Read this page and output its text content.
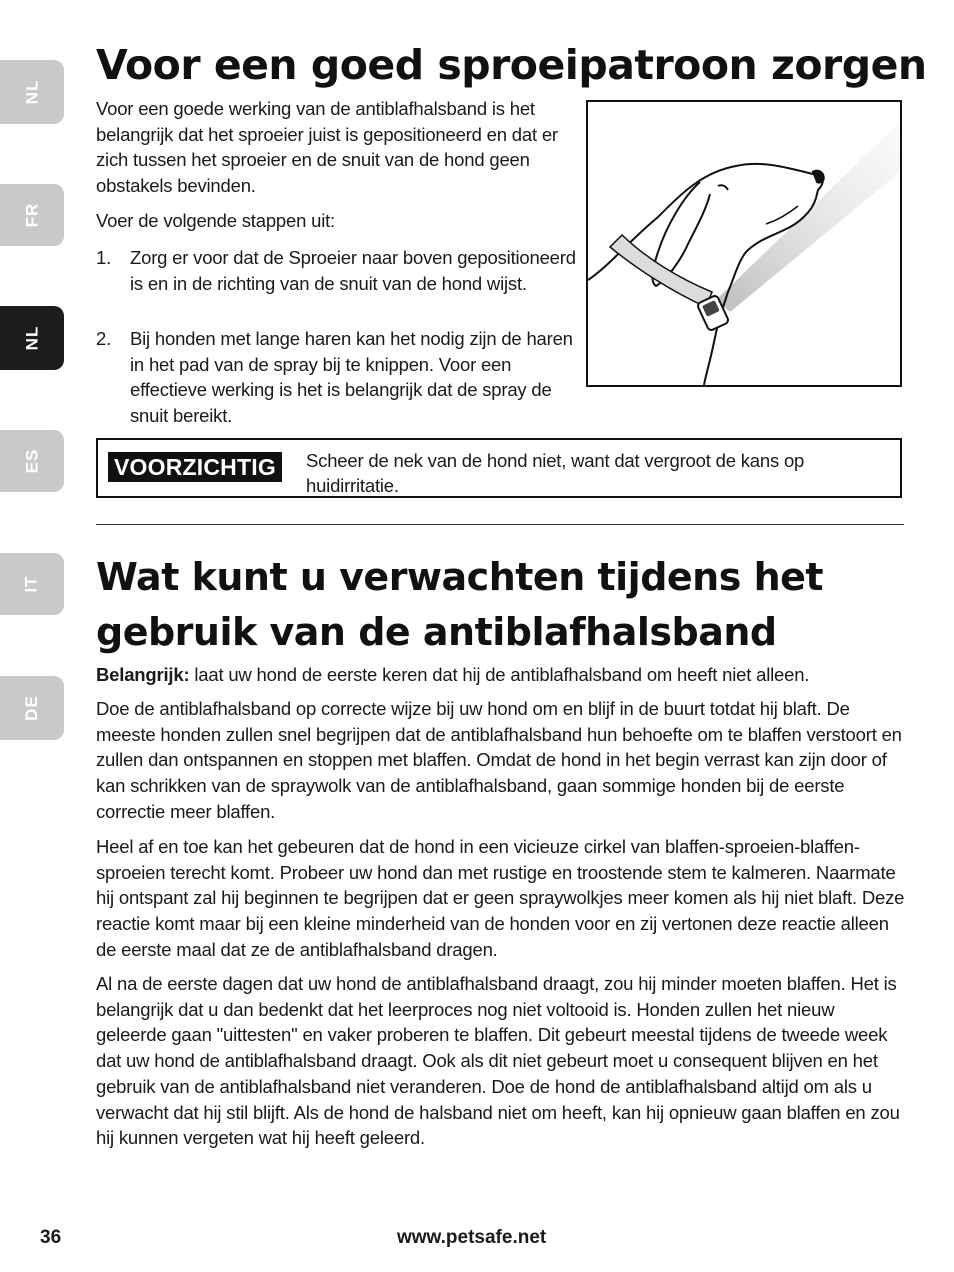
NL
FR
NL
ES
IT
DE
Voor een goed sproeipatroon zorgen

Voor een goede werking van de antiblafhalsband is het belangrijk dat het sproeier juist is gepositioneerd en dat er zich tussen het sproeier en de snuit van de hond geen obstakels bevinden.

Voer de volgende stappen uit:

1. Zorg er voor dat de Sproeier naar boven gepositioneerd is en in de richting van de snuit van de hond wijst.
2. Bij honden met lange haren kan het nodig zijn de haren in het pad van de spray bij te knippen. Voor een effectieve werking is het is belangrijk dat de spray de snuit bereikt.
VOORZICHTIG	Scheer de nek van de hond niet, want dat vergroot de kans op huidirritatie.

Wat kunt u verwachten tijdens het gebruik van de antiblafhalsband

Belangrijk: laat uw hond de eerste keren dat hij de antiblafhalsband om heeft niet alleen.

Doe de antiblafhalsband op correcte wijze bij uw hond om en blijf in de buurt totdat hij blaft. De meeste honden zullen snel begrijpen dat de antiblafhalsband hun behoefte om te blaffen verstoort en zullen dan ontspannen en stoppen met blaffen. Omdat de hond in het begin verrast kan zijn door of kan schrikken van de spraywolk van de antiblafhalsband, gaan sommige honden bij de eerste correctie meer blaffen.

Heel af en toe kan het gebeuren dat de hond in een vicieuze cirkel van blaffen-sproeien-blaffen-sproeien terecht komt. Probeer uw hond dan met rustige en troostende stem te kalmeren. Naarmate hij ontspant zal hij beginnen te begrijpen dat er geen spraywolkjes meer komen als hij niet blaft. Deze reactie komt maar bij een kleine minderheid van de honden voor en zij vertonen deze reactie alleen de eerste maal dat ze de antiblafhalsband dragen.

Al na de eerste dagen dat uw hond de antiblafhalsband draagt, zou hij minder moeten blaffen. Het is belangrijk dat u dan bedenkt dat het leerproces nog niet voltooid is. Honden zullen het nieuw geleerde gaan "uittesten" en vaker proberen te blaffen. Dit gebeurt meestal tijdens de tweede week dat uw hond de antiblafhalsband draagt. Ook als dit niet gebeurt moet u consequent blijven en het gebruik van de antiblafhalsband niet veranderen. Doe de hond de antiblafhalsband altijd om als u verwacht dat hij stil blijft. Als de hond de halsband niet om heeft, kan hij opnieuw gaan blaffen en zou hij kunnen vergeten wat hij heeft geleerd.

36	www.petsafe.net
